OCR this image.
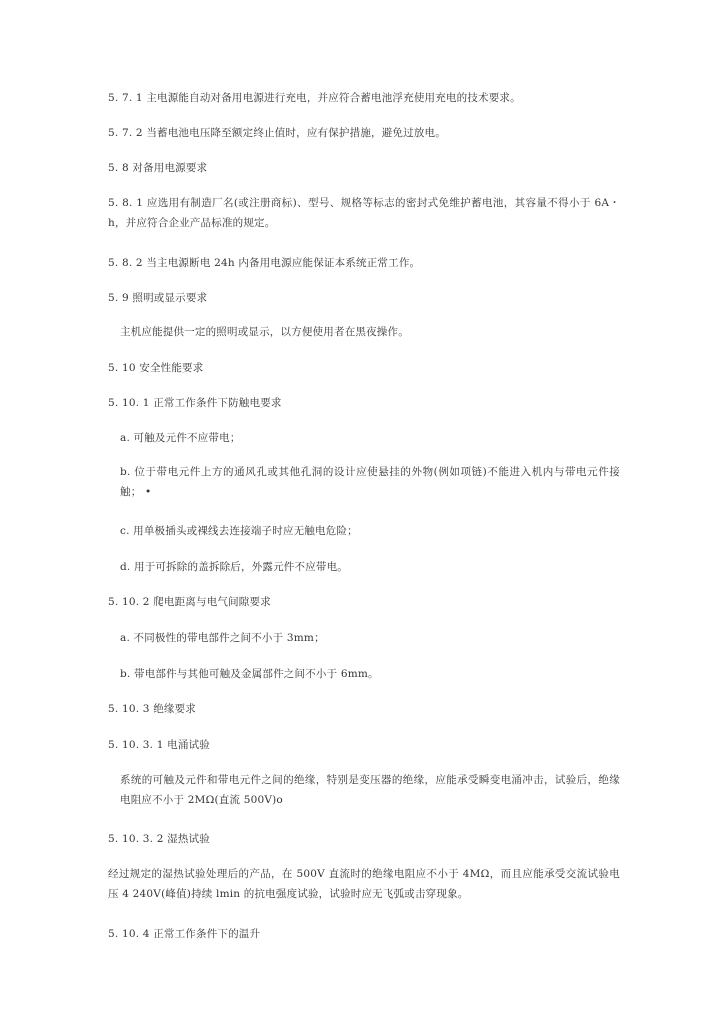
5. 7. 1 主电源能自动对备用电源进行充电，并应符合蓄电池浮充使用充电的技术要求。
5. 7. 2 当蓄电池电压降至额定终止值时，应有保护措施，避免过放电。
5. 8 对备用电源要求
5. 8. 1 应选用有制造厂名(或注册商标)、型号、规格等标志的密封式免维护蓄电池，其容量不得小于 6A・h，并应符合企业产品标准的规定。
5. 8. 2 当主电源断电 24h 内备用电源应能保证本系统正常工作。
5. 9 照明或显示要求
主机应能提供一定的照明或显示，以方便使用者在黑夜操作。
5. 10 安全性能要求
5. 10. 1 正常工作条件下防触电要求
a. 可触及元件不应带电；
b. 位于带电元件上方的通风孔或其他孔洞的设计应使悬挂的外物(例如项链)不能进入机内与带电元件接触； •
c. 用单极插头或裸线去连接端子时应无触电危险；
d. 用于可拆除的盖拆除后，外露元件不应带电。
5. 10. 2 爬电距离与电气间隙要求
a. 不同极性的带电部件之间不小于 3mm；
b. 带电部件与其他可触及金属部件之间不小于 6mm。
5. 10. 3 绝缘要求
5. 10. 3. 1 电涌试验
系统的可触及元件和带电元件之间的绝缘，特别是变压器的绝缘，应能承受瞬变电涌冲击，试验后，绝缘电阻应不小于 2MΩ(直流 500V)o
5. 10. 3. 2 湿热试验
经过规定的湿热试验处理后的产品，在 500V 直流时的绝缘电阻应不小于 4MΩ，而且应能承受交流试验电压 4 240V(峰值)持续 lmin 的抗电强度试验，试验时应无飞弧或击穿现象。
5. 10. 4 正常工作条件下的温升
